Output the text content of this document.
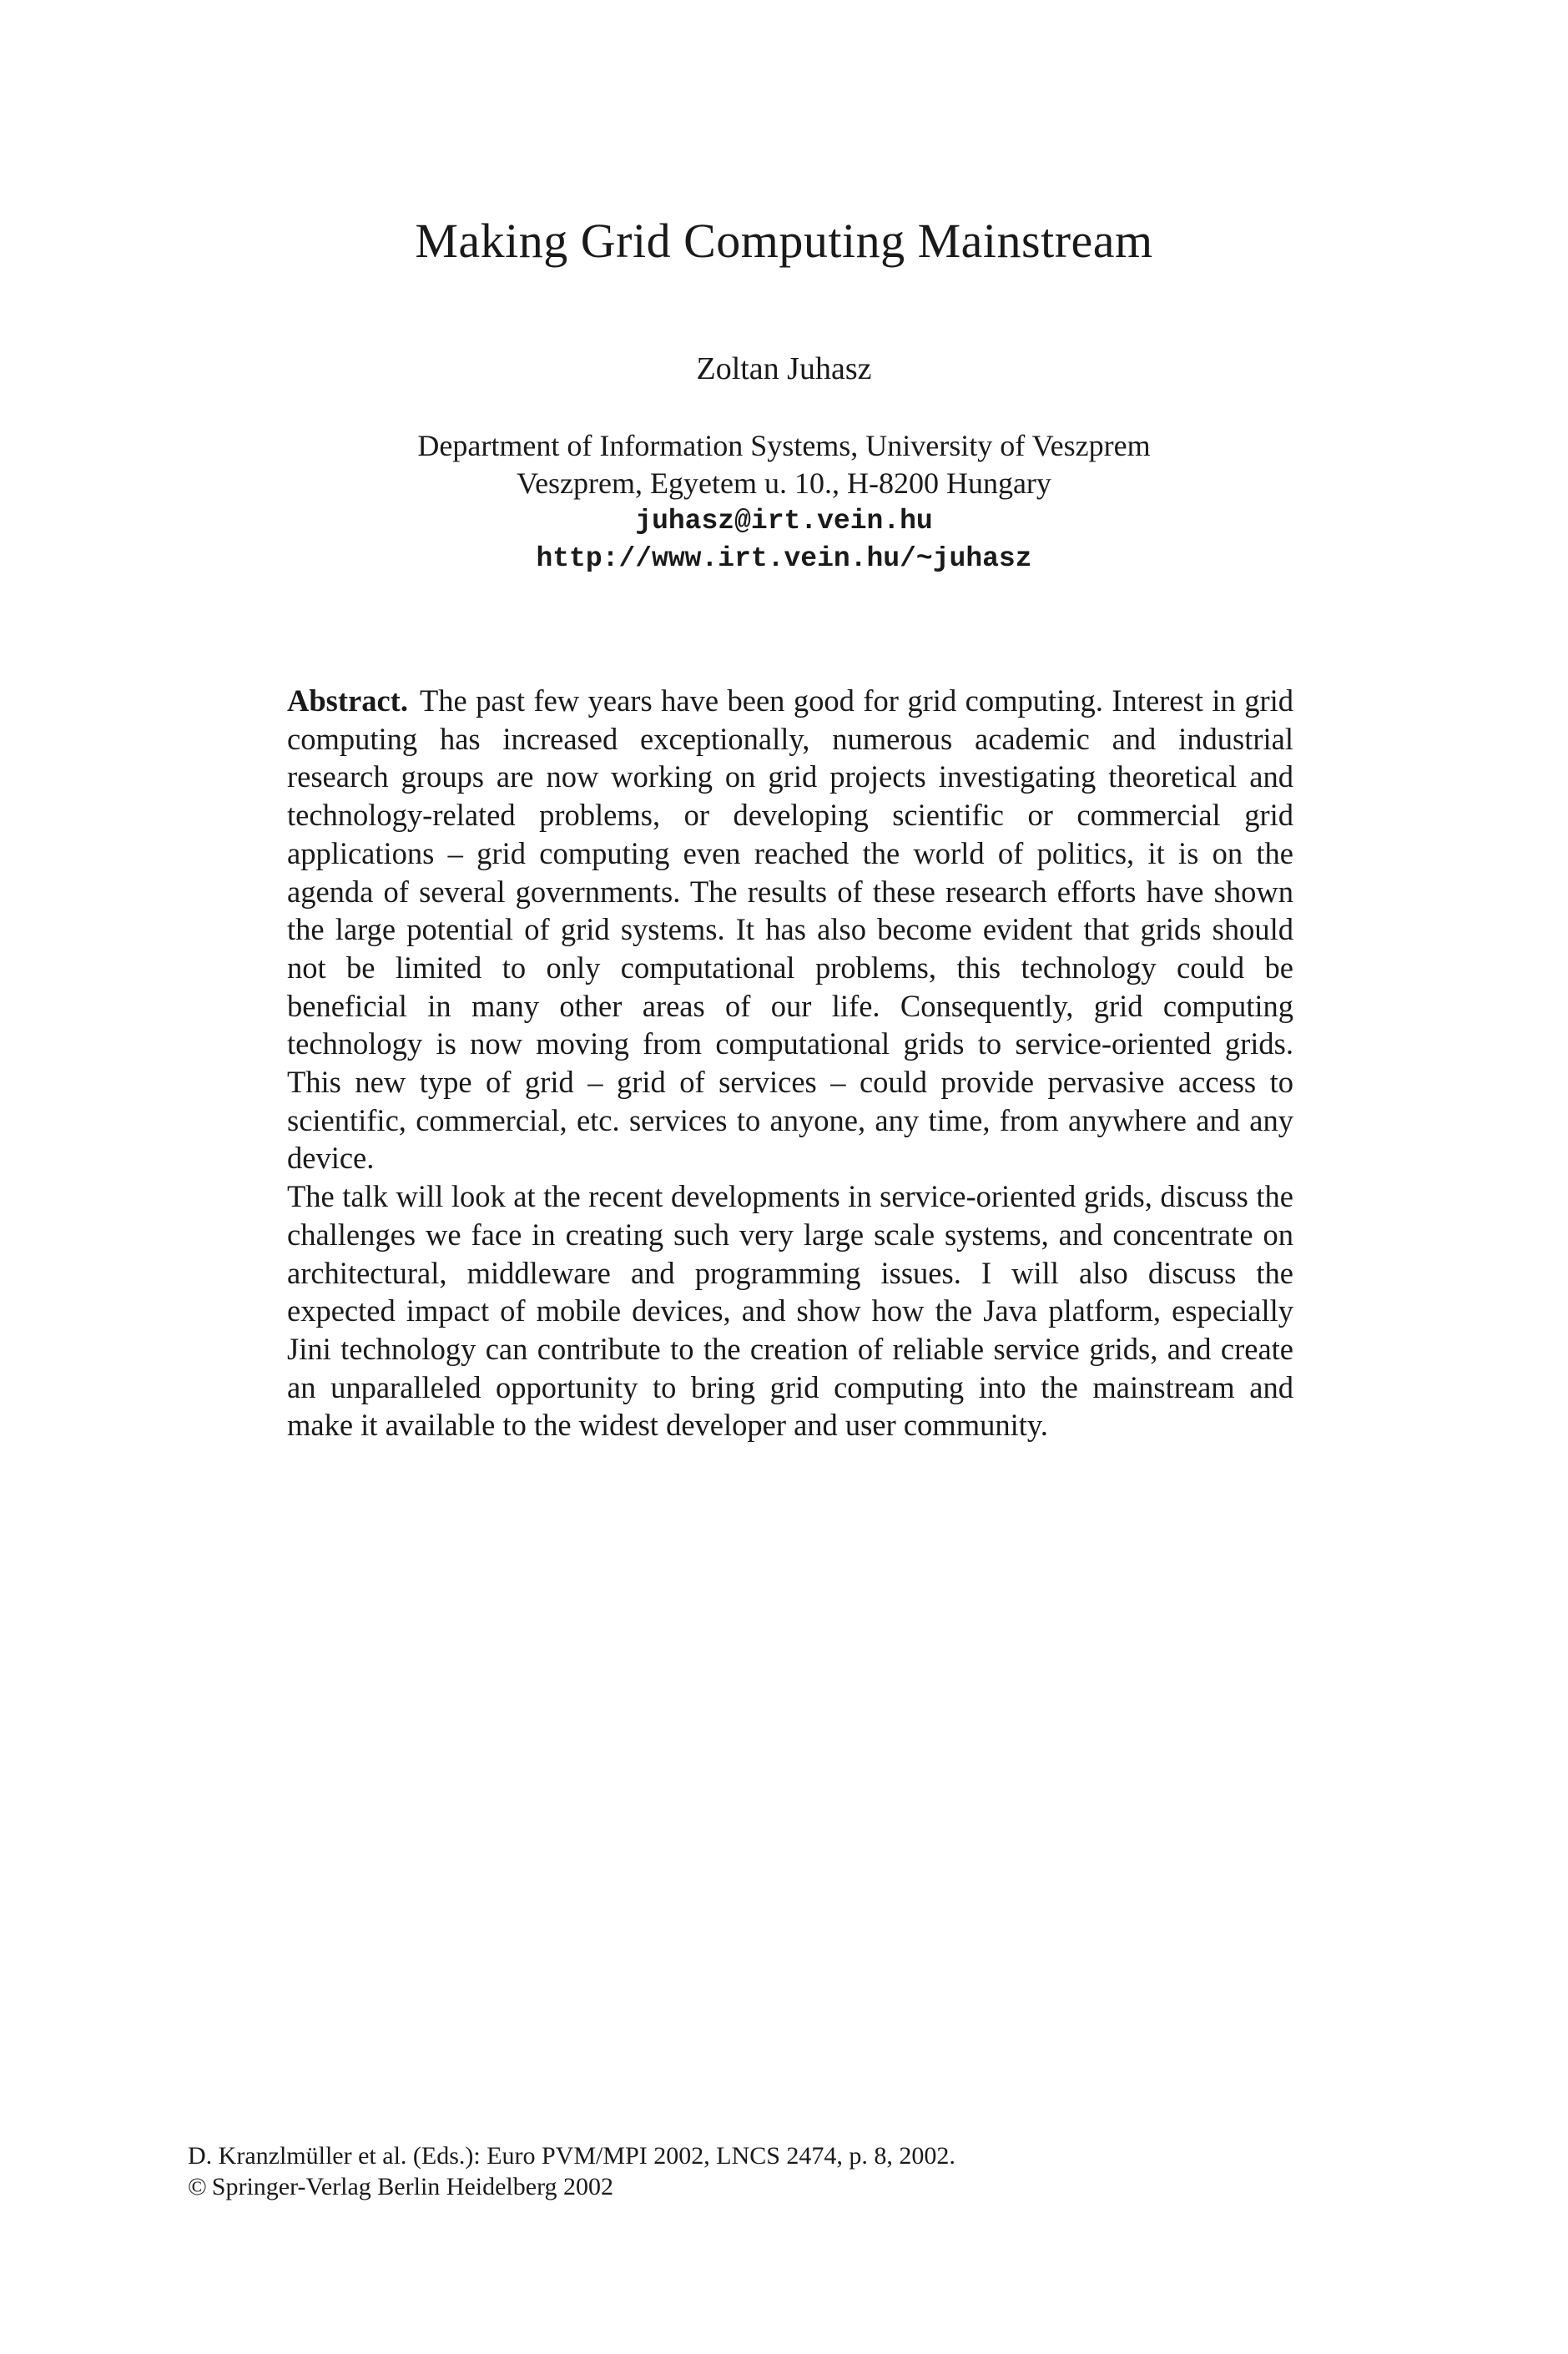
Making Grid Computing Mainstream
Zoltan Juhasz
Department of Information Systems, University of Veszprem
Veszprem, Egyetem u. 10., H-8200 Hungary
juhasz@irt.vein.hu
http://www.irt.vein.hu/~juhasz

Abstract. The past few years have been good for grid computing. Interest in grid computing has increased exceptionally, numerous academic and industrial research groups are now working on grid projects investigating theoretical and technology-related problems, or developing scientific or commercial grid applications – grid computing even reached the world of politics, it is on the agenda of several governments. The results of these research efforts have shown the large potential of grid systems. It has also become evident that grids should not be limited to only computational problems, this technology could be beneficial in many other areas of our life. Consequently, grid computing technology is now moving from computational grids to service-oriented grids. This new type of grid – grid of services – could provide pervasive access to scientific, commercial, etc. services to anyone, any time, from anywhere and any device.

The talk will look at the recent developments in service-oriented grids, discuss the challenges we face in creating such very large scale systems, and concentrate on architectural, middleware and programming issues. I will also discuss the expected impact of mobile devices, and show how the Java platform, especially Jini technology can contribute to the creation of reliable service grids, and create an unparalleled opportunity to bring grid computing into the mainstream and make it available to the widest developer and user community.

D. Kranzlmüller et al. (Eds.): Euro PVM/MPI 2002, LNCS 2474, p. 8, 2002.
© Springer-Verlag Berlin Heidelberg 2002
